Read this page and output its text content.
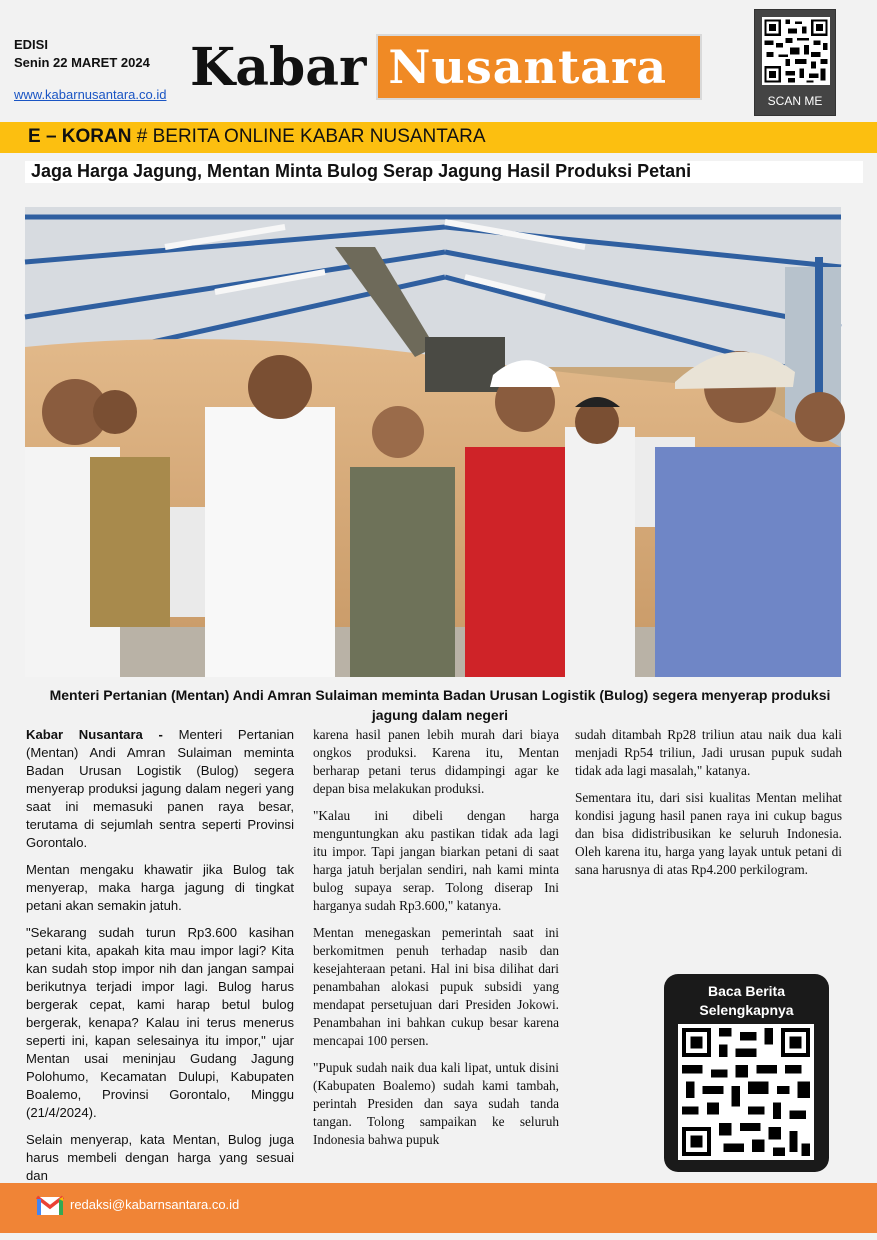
EDISI
Senin 22 MARET 2024
www.kabarnusantara.co.id Kabar Nusantara
SCAN ME
E – KORAN # BERITA ONLINE KABAR NUSANTARA
Jaga Harga Jagung, Mentan Minta Bulog Serap Jagung Hasil Produksi Petani
Menteri Pertanian (Mentan) Andi Amran Sulaiman meminta Badan Urusan Logistik (Bulog) segera menyerap produksi jagung dalam negeri

Kabar Nusantara - Menteri Pertanian (Mentan) Andi Amran Sulaiman meminta Badan Urusan Logistik (Bulog) segera menyerap produksi jagung dalam negeri yang saat ini memasuki panen raya besar, terutama di sejumlah sentra seperti Provinsi Gorontalo.

Mentan mengaku khawatir jika Bulog tak menyerap, maka harga jagung di tingkat petani akan semakin jatuh.

"Sekarang sudah turun Rp3.600 kasihan petani kita, apakah kita mau impor lagi? Kita kan sudah stop impor nih dan jangan sampai berikutnya terjadi impor lagi. Bulog harus bergerak cepat, kami harap betul bulog bergerak, kenapa? Kalau ini terus menerus seperti ini, kapan selesainya itu impor," ujar Mentan usai meninjau Gudang Jagung Polohumo, Kecamatan Dulupi, Kabupaten Boalemo, Provinsi Gorontalo, Minggu (21/4/2024).

Selain menyerap, kata Mentan, Bulog juga harus membeli dengan harga yang sesuai dan

karena hasil panen lebih murah dari biaya ongkos produksi. Karena itu, Mentan berharap petani terus didampingi agar ke depan bisa melakukan produksi.

"Kalau ini dibeli dengan harga menguntungkan aku pastikan tidak ada lagi itu impor. Tapi jangan biarkan petani di saat harga jatuh berjalan sendiri, nah kami minta bulog supaya serap. Tolong diserap Ini harganya sudah Rp3.600," katanya.

Mentan menegaskan pemerintah saat ini berkomitmen penuh terhadap nasib dan kesejahteraan petani. Hal ini bisa dilihat dari penambahan alokasi pupuk subsidi yang mendapat persetujuan dari Presiden Jokowi. Penambahan ini bahkan cukup besar karena mencapai 100 persen.

"Pupuk sudah naik dua kali lipat, untuk disini (Kabupaten Boalemo) sudah kami tambah, perintah Presiden dan saya sudah tanda tangan. Tolong sampaikan ke seluruh Indonesia bahwa pupuk

sudah ditambah Rp28 triliun atau naik dua kali menjadi Rp54 triliun, Jadi urusan pupuk sudah tidak ada lagi masalah," katanya.

Sementara itu, dari sisi kualitas Mentan melihat kondisi jagung hasil panen raya ini cukup bagus dan bisa didistribusikan ke seluruh Indonesia. Oleh karena itu, harga yang layak untuk petani di sana harusnya di atas Rp4.200 perkilogram.

Baca Berita
Selengkapnya
redaksi@kabarnsantara.co.id
